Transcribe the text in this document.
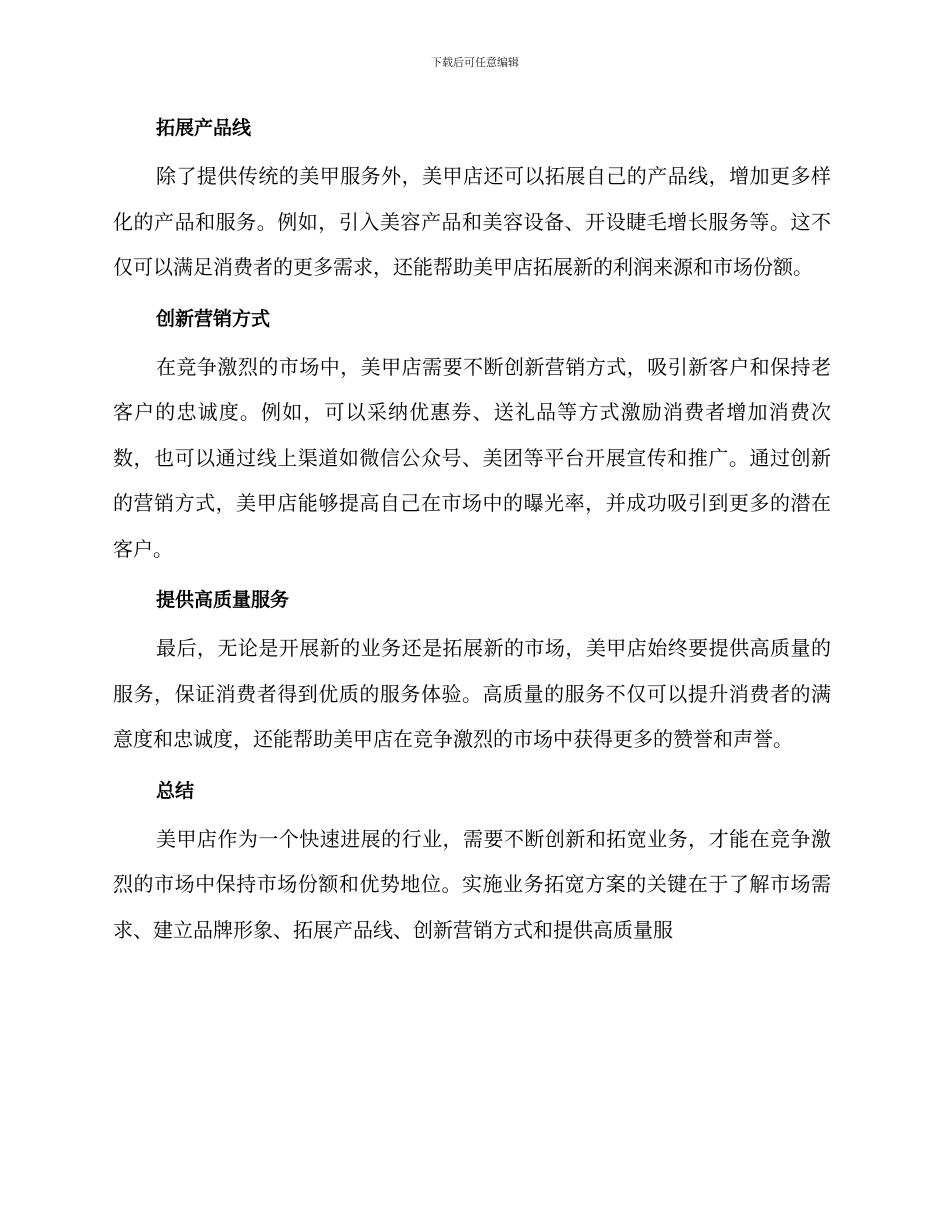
下载后可任意编辑
拓展产品线

除了提供传统的美甲服务外，美甲店还可以拓展自己的产品线，增加更多样化的产品和服务。例如，引入美容产品和美容设备、开设睫毛增长服务等。这不仅可以满足消费者的更多需求，还能帮助美甲店拓展新的利润来源和市场份额。

创新营销方式

在竞争激烈的市场中，美甲店需要不断创新营销方式，吸引新客户和保持老客户的忠诚度。例如，可以采纳优惠券、送礼品等方式激励消费者增加消费次数，也可以通过线上渠道如微信公众号、美团等平台开展宣传和推广。通过创新的营销方式，美甲店能够提高自己在市场中的曝光率，并成功吸引到更多的潜在客户。

提供高质量服务

最后，无论是开展新的业务还是拓展新的市场，美甲店始终要提供高质量的服务，保证消费者得到优质的服务体验。高质量的服务不仅可以提升消费者的满意度和忠诚度，还能帮助美甲店在竞争激烈的市场中获得更多的赞誉和声誉。

总结

美甲店作为一个快速进展的行业，需要不断创新和拓宽业务，才能在竞争激烈的市场中保持市场份额和优势地位。实施业务拓宽方案的关键在于了解市场需求、建立品牌形象、拓展产品线、创新营销方式和提供高质量服
